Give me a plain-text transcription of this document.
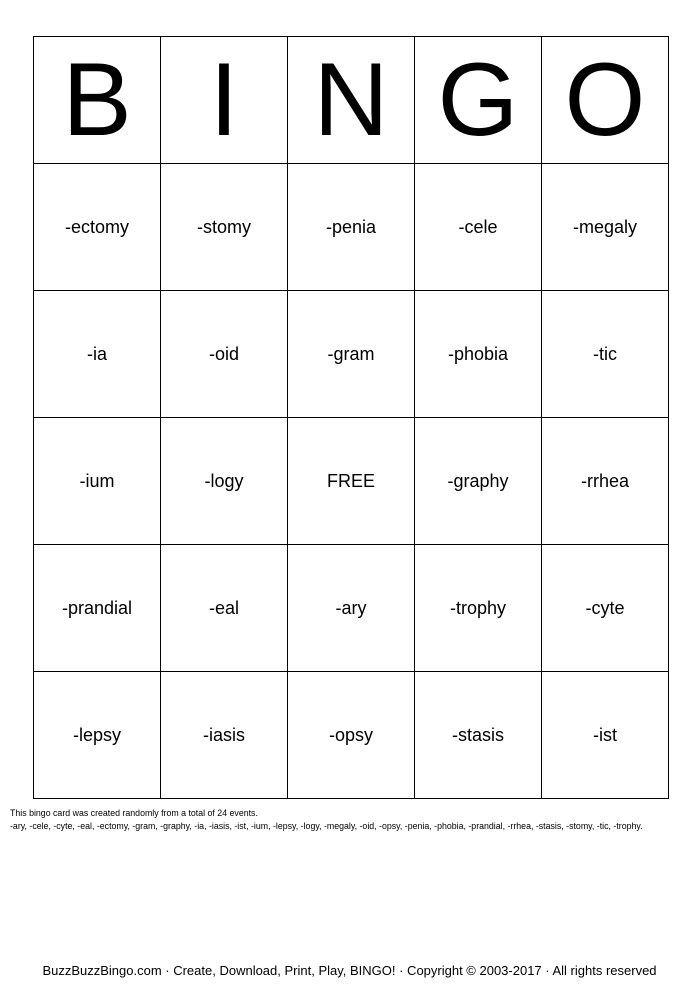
B	I	N	G	O
-ectomy	-stomy	-penia	-cele	-megaly
-ia	-oid	-gram	-phobia	-tic
-ium	-logy	FREE	-graphy	-rrhea
-prandial	-eal	-ary	-trophy	-cyte
-lepsy	-iasis	-opsy	-stasis	-ist
This bingo card was created randomly from a total of 24 events.
-ary, -cele, -cyte, -eal, -ectomy, -gram, -graphy, -ia, -iasis, -ist, -ium, -lepsy, -logy, -megaly, -oid, -opsy, -penia, -phobia, -prandial, -rrhea, -stasis, -stomy, -tic, -trophy.
BuzzBuzzBingo.com · Create, Download, Print, Play, BINGO! · Copyright © 2003-2017 · All rights reserved
